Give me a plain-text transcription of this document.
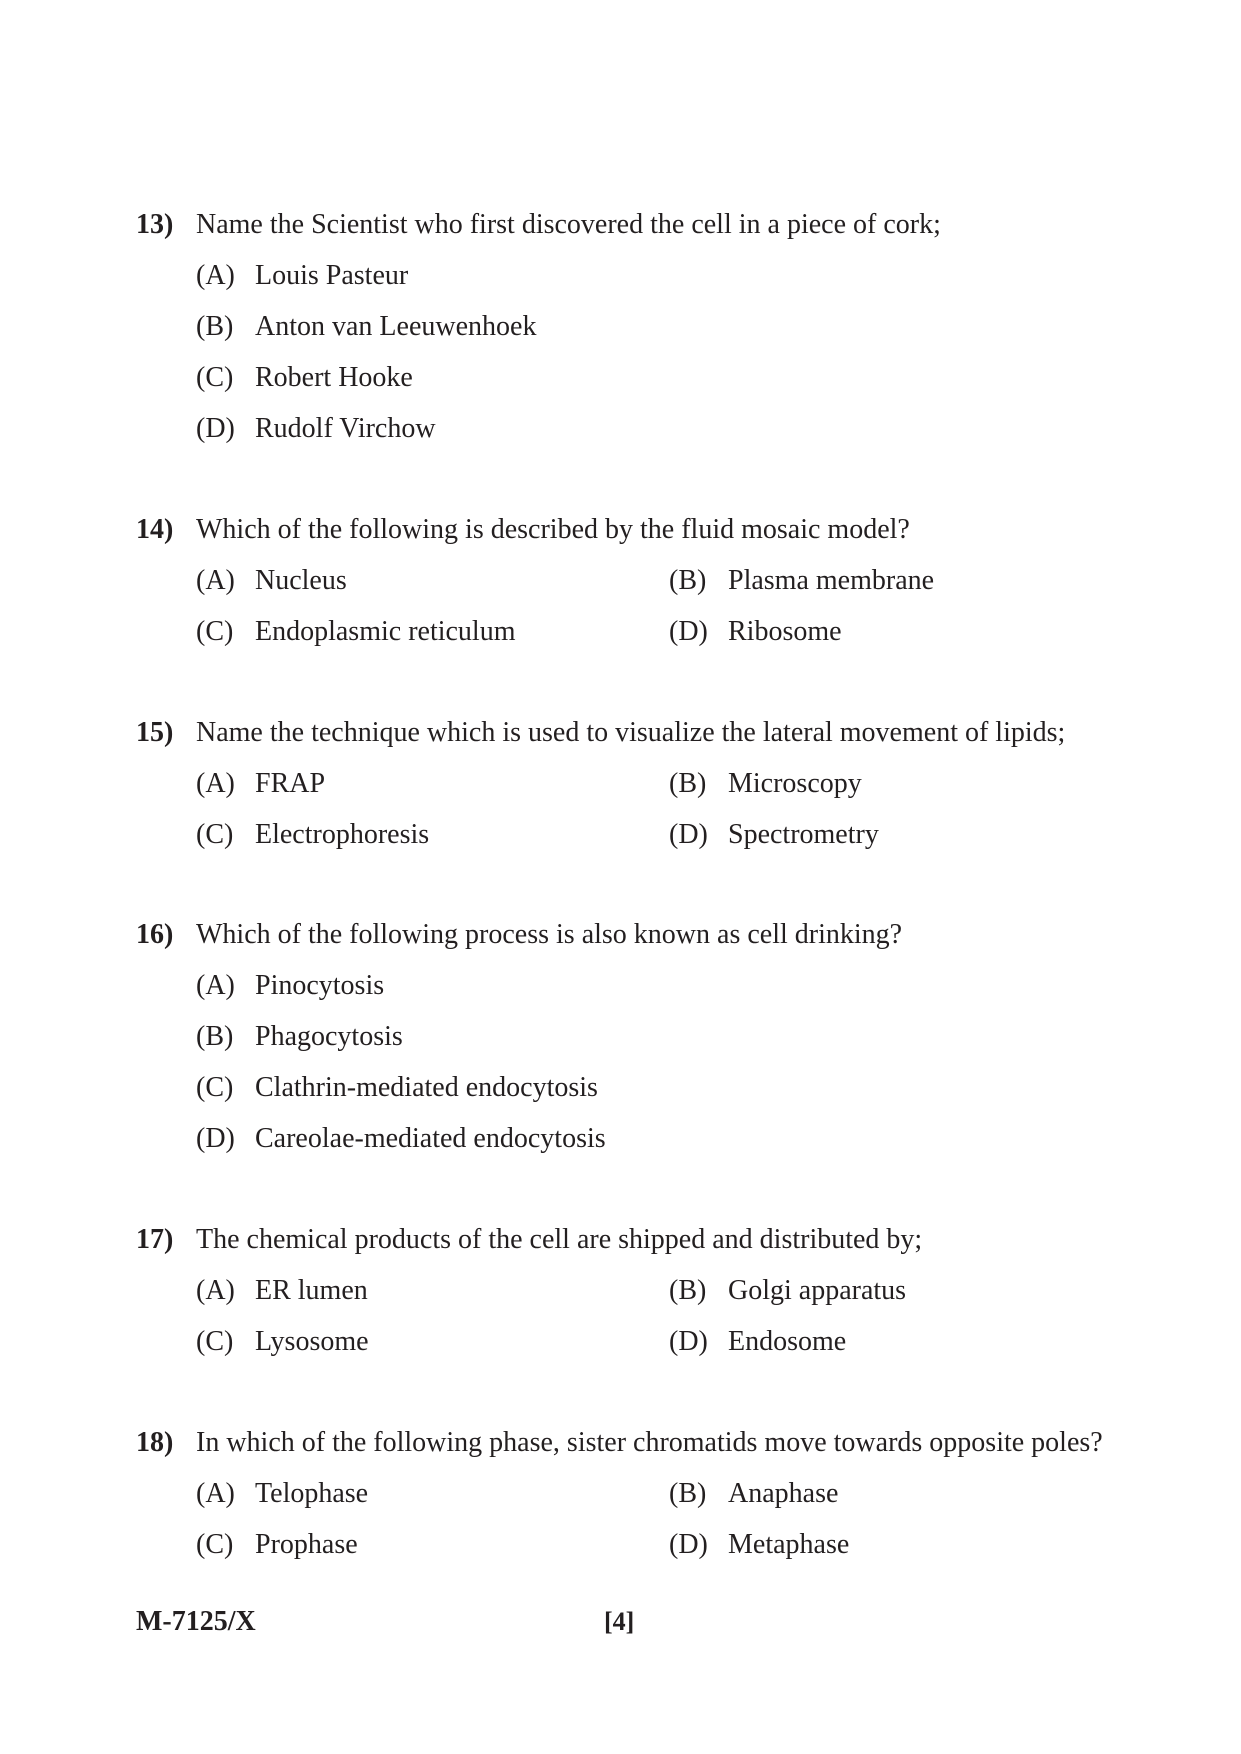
13) Name the Scientist who first discovered the cell in a piece of cork;
(A) Louis Pasteur
(B) Anton van Leeuwenhoek
(C) Robert Hooke
(D) Rudolf Virchow
14) Which of the following is described by the fluid mosaic model?
(A) Nucleus	(B) Plasma membrane
(C) Endoplasmic reticulum	(D) Ribosome
15) Name the technique which is used to visualize the lateral movement of lipids;
(A) FRAP	(B) Microscopy
(C) Electrophoresis	(D) Spectrometry
16) Which of the following process is also known as cell drinking?
(A) Pinocytosis
(B) Phagocytosis
(C) Clathrin-mediated endocytosis
(D) Careolae-mediated endocytosis
17) The chemical products of the cell are shipped and distributed by;
(A) ER lumen	(B) Golgi apparatus
(C) Lysosome	(D) Endosome
18) In which of the following phase, sister chromatids move towards opposite poles?
(A) Telophase	(B) Anaphase
(C) Prophase	(D) Metaphase
M-7125/X	[4]
